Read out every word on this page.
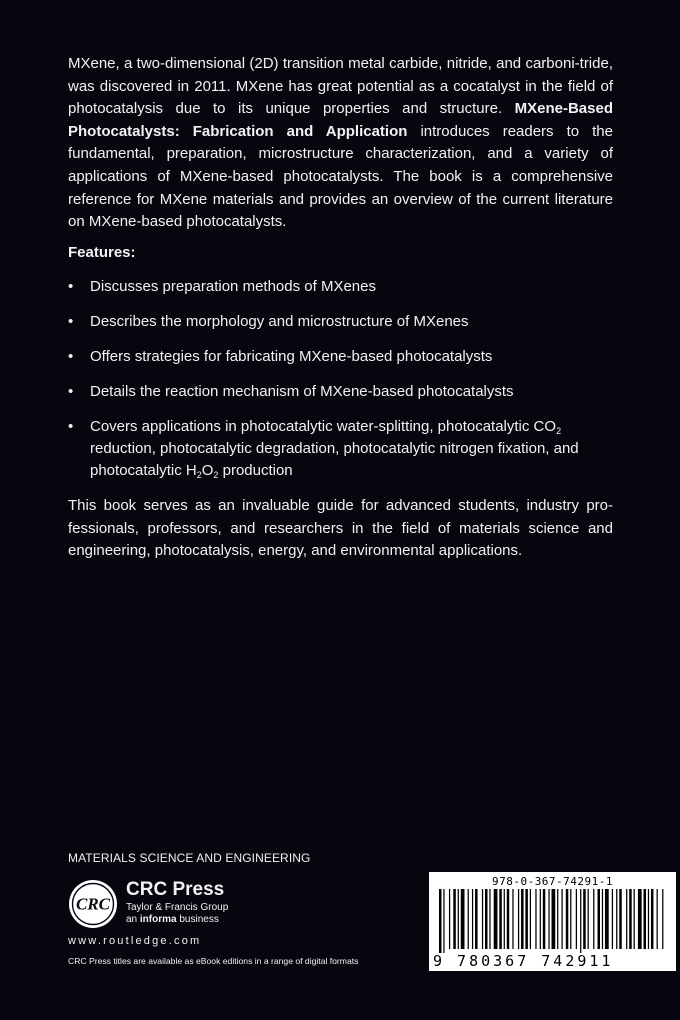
MXene, a two-dimensional (2D) transition metal carbide, nitride, and carboni-tride, was discovered in 2011. MXene has great potential as a cocatalyst in the field of photocatalysis due to its unique properties and structure. MXene-Based Photocatalysts: Fabrication and Application introduces readers to the fundamental, preparation, microstructure characterization, and a variety of applications of MXene-based photocatalysts. The book is a comprehensive reference for MXene materials and provides an overview of the current literature on MXene-based photocatalysts.

Features:

• Discusses preparation methods of MXenes
• Describes the morphology and microstructure of MXenes
• Offers strategies for fabricating MXene-based photocatalysts
• Details the reaction mechanism of MXene-based photocatalysts
• Covers applications in photocatalytic water-splitting, photocatalytic $CO_2$ reduction, photocatalytic degradation, photocatalytic nitrogen fixation, and photocatalytic $H_2O_2$ production

This book serves as an invaluable guide for advanced students, industry pro-fessionals, professors, and researchers in the field of materials science and engineering, photocatalysis, energy, and environmental applications.

MATERIALS SCIENCE AND ENGINEERING
CRC
CRC Press
Taylor & Francis Group
an informa business
www.routledge.com
CRC Press titles are available as eBook editions in a range of digital formats
978-0-367-74291-1
9 780367 742911
